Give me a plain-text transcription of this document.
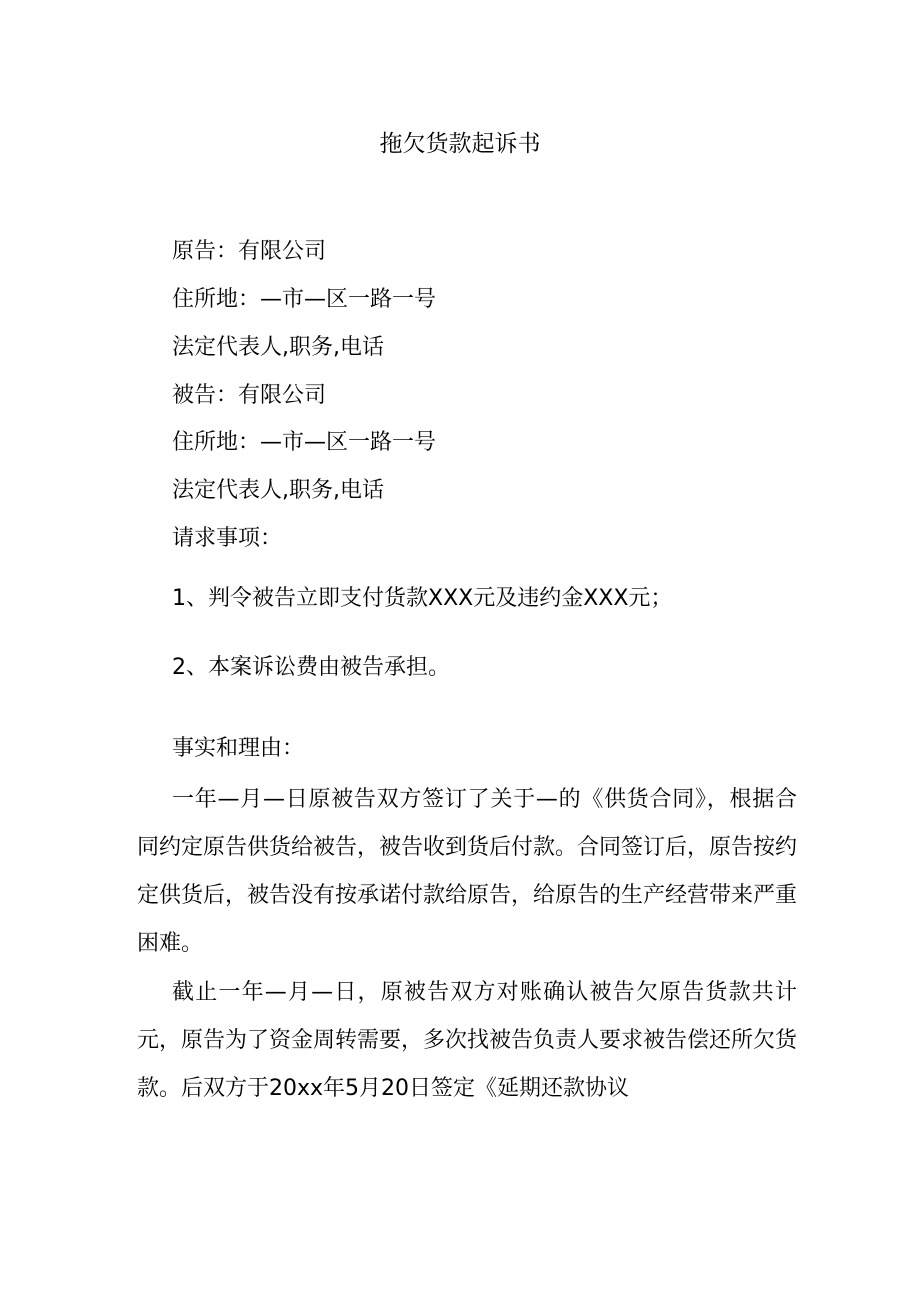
拖欠货款起诉书
原告：有限公司
住所地：—市—区一路一号
法定代表人,职务,电话
被告：有限公司
住所地：—市—区一路一号
法定代表人,职务,电话
请求事项：
1、判令被告立即支付货款XXX元及违约金XXX元；
2、本案诉讼费由被告承担。
事实和理由：
一年—月—日原被告双方签订了关于—的《供货合同》，根据合同约定原告供货给被告，被告收到货后付款。合同签订后，原告按约定供货后，被告没有按承诺付款给原告，给原告的生产经营带来严重困难。
截止一年—月—日，原被告双方对账确认被告欠原告货款共计元，原告为了资金周转需要，多次找被告负责人要求被告偿还所欠货款。后双方于20xx年5月20日签定《延期还款协议
